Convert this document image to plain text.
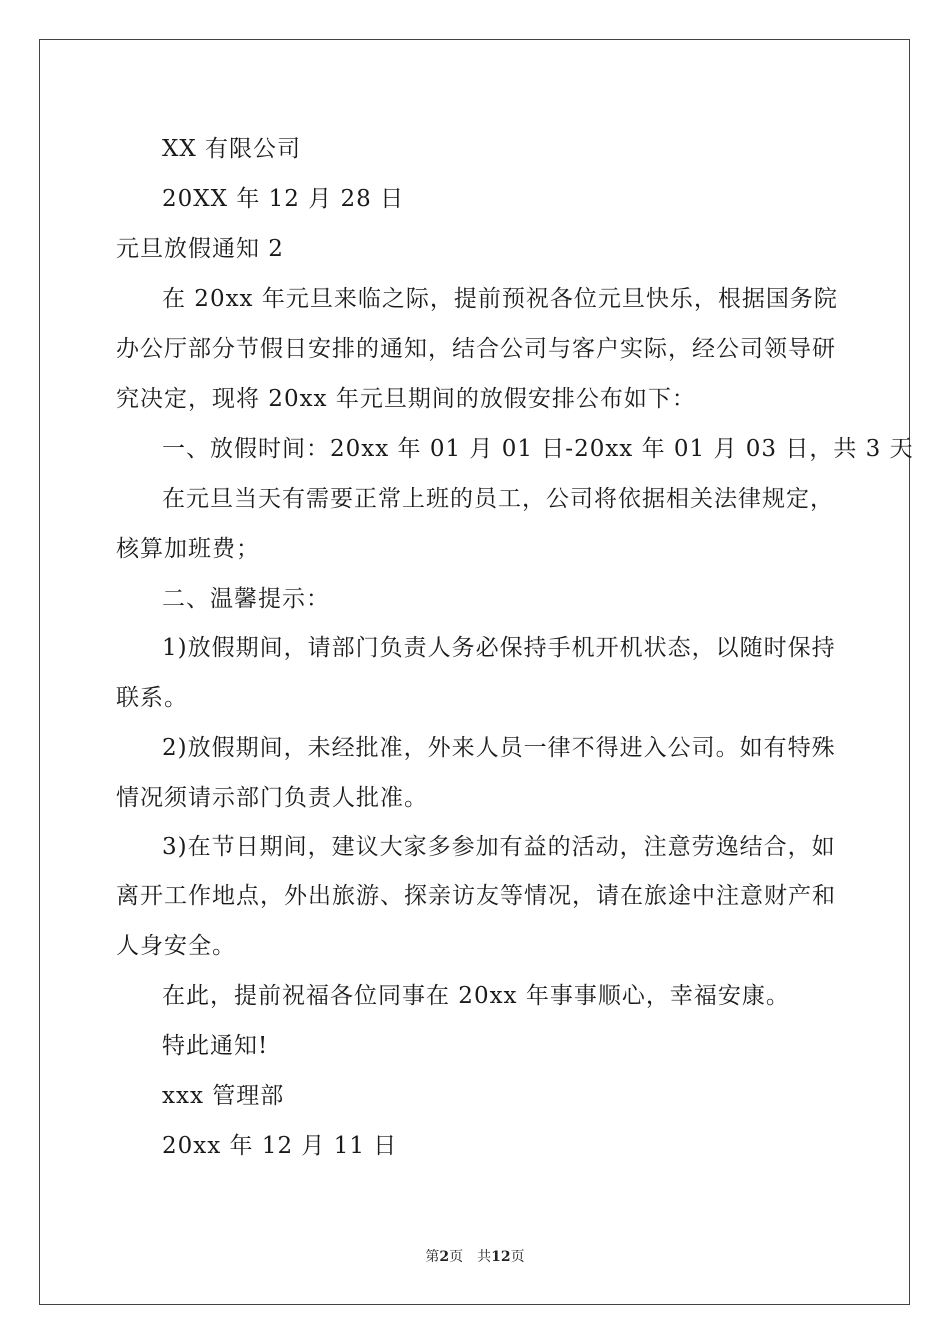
XX 有限公司

20XX 年 12 月 28 日

元旦放假通知 2

在 20xx 年元旦来临之际，提前预祝各位元旦快乐，根据国务院

办公厅部分节假日安排的通知，结合公司与客户实际，经公司领导研

究决定，现将 20xx 年元旦期间的放假安排公布如下：

一、放假时间：20xx 年 01 月 01 日-20xx 年 01 月 03 日，共 3 天

在元旦当天有需要正常上班的员工，公司将依据相关法律规定，

核算加班费；

二、温馨提示：

1)放假期间，请部门负责人务必保持手机开机状态，以随时保持

联系。

2)放假期间，未经批准，外来人员一律不得进入公司。如有特殊

情况须请示部门负责人批准。

3)在节日期间，建议大家多参加有益的活动，注意劳逸结合，如

离开工作地点，外出旅游、探亲访友等情况，请在旅途中注意财产和

人身安全。

在此，提前祝福各位同事在 20xx 年事事顺心，幸福安康。

特此通知!

xxx 管理部

20xx 年 12 月 11 日

第2页　共12页
